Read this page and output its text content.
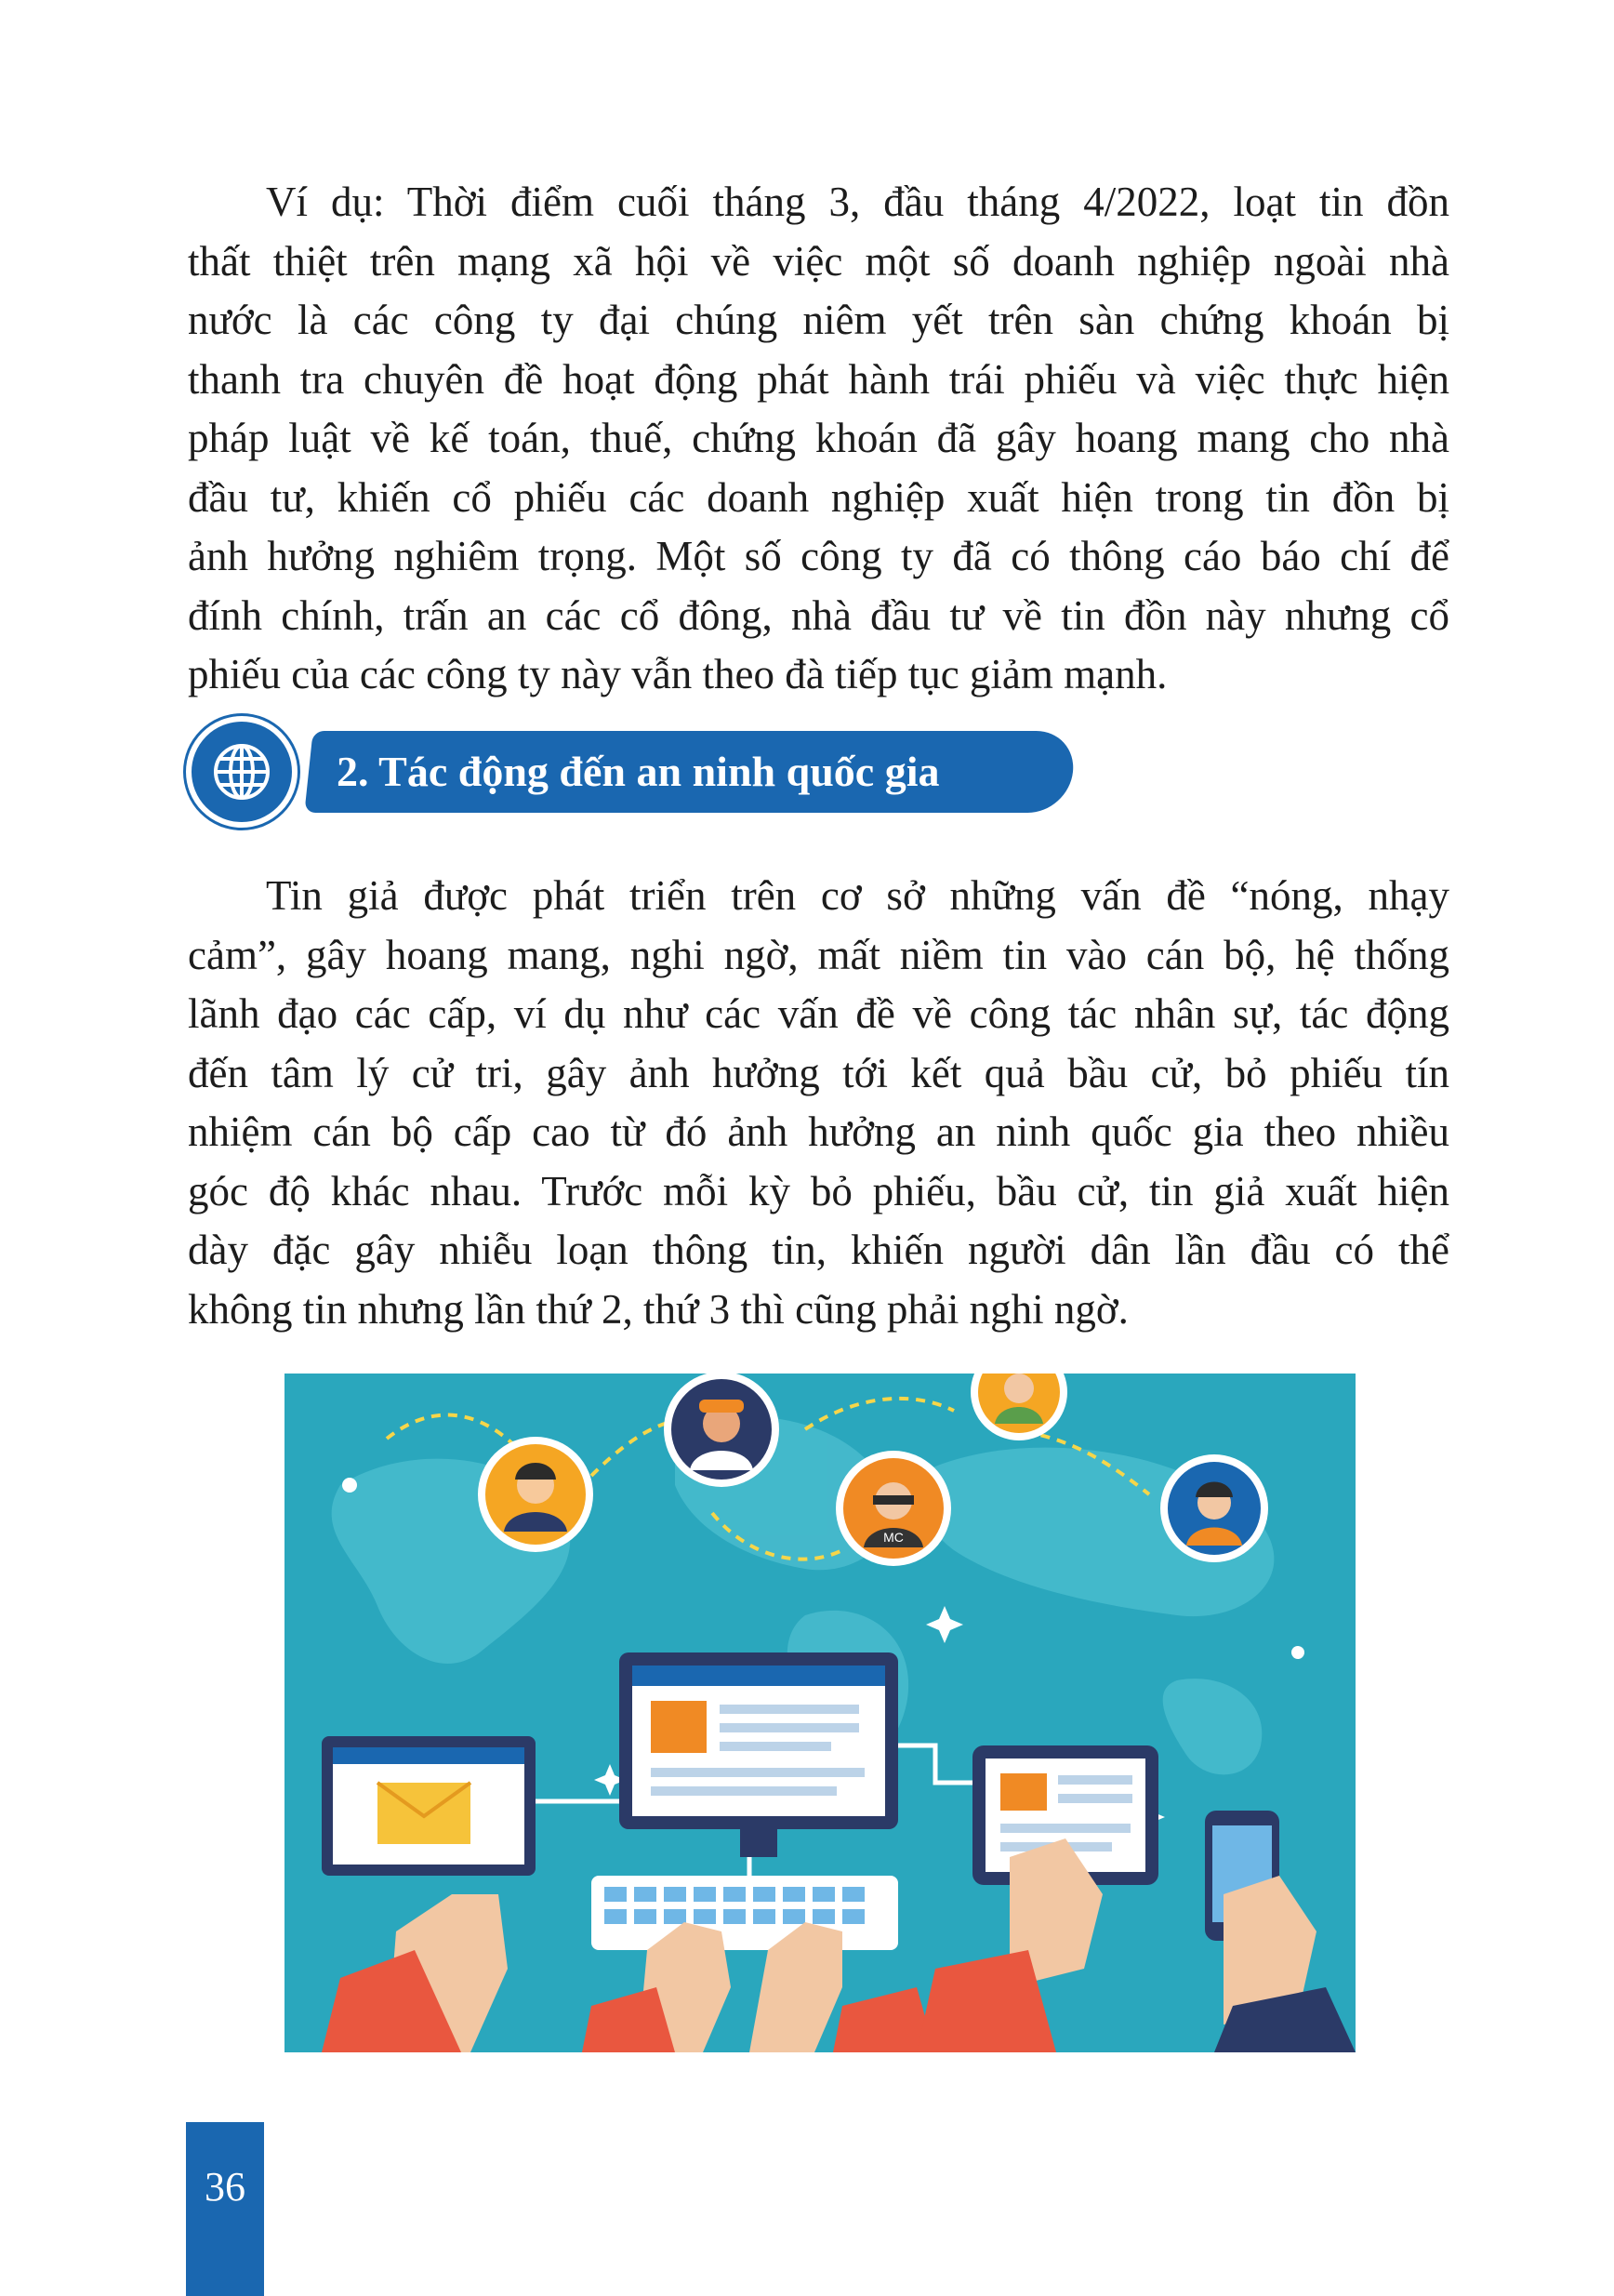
Ví dụ: Thời điểm cuối tháng 3, đầu tháng 4/2022, loạt tin đồn
thất thiệt trên mạng xã hội về việc một số doanh nghiệp ngoài nhà
nước là các công ty đại chúng niêm yết trên sàn chứng khoán bị
thanh tra chuyên đề hoạt động phát hành trái phiếu và việc thực hiện
pháp luật về kế toán, thuế, chứng khoán đã gây hoang mang cho nhà
đầu tư, khiến cổ phiếu các doanh nghiệp xuất hiện trong tin đồn bị
ảnh hưởng nghiêm trọng. Một số công ty đã có thông cáo báo chí để
đính chính, trấn an các cổ đông, nhà đầu tư về tin đồn này nhưng cổ
phiếu của các công ty này vẫn theo đà tiếp tục giảm mạnh.
2. Tác động đến an ninh quốc gia
Tin giả được phát triển trên cơ sở những vấn đề “nóng, nhạy
cảm”, gây hoang mang, nghi ngờ, mất niềm tin vào cán bộ, hệ thống
lãnh đạo các cấp, ví dụ như các vấn đề về công tác nhân sự, tác động
đến tâm lý cử tri, gây ảnh hưởng tới kết quả bầu cử, bỏ phiếu tín
nhiệm cán bộ cấp cao từ đó ảnh hưởng an ninh quốc gia theo nhiều
góc độ khác nhau. Trước mỗi kỳ bỏ phiếu, bầu cử, tin giả xuất hiện
dày đặc gây nhiễu loạn thông tin, khiến người dân lần đầu có thể
không tin nhưng lần thứ 2, thứ 3 thì cũng phải nghi ngờ.
MC
36
